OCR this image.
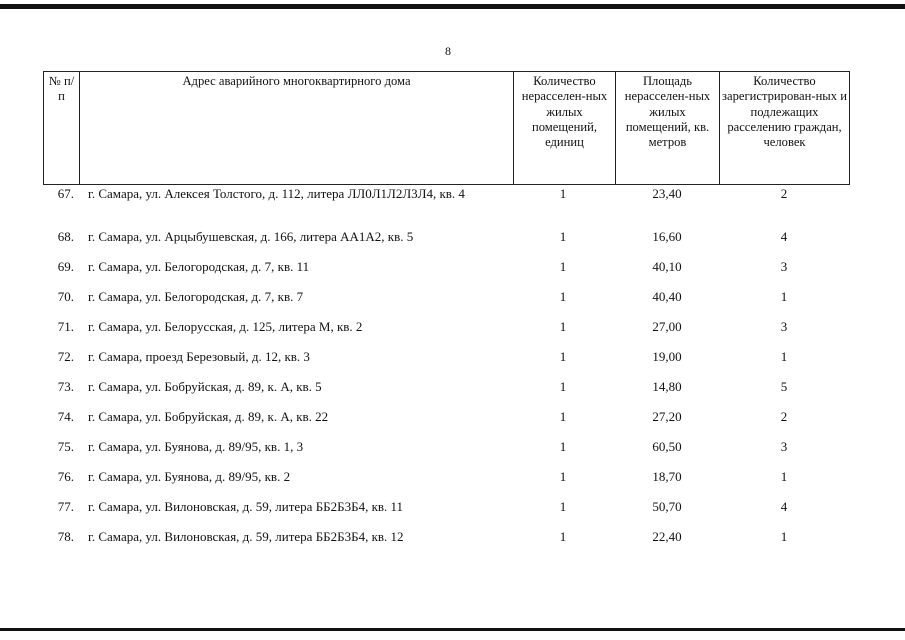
8
№ п/п	Адрес аварийного многоквартирного дома	Количество нерасселен-ных жилых помещений, единиц	Площадь нерасселен-ных жилых помещений, кв. метров	Количество зарегистрирован-ных и подлежащих расселению граждан, человек
67. г. Самара, ул. Алексея Толстого, д. 112, литера ЛЛ0Л1Л2Л3Л4, кв. 4	1	23,40	2
68. г. Самара, ул. Арцыбушевская, д. 166, литера АА1А2, кв. 5	1	16,60	4
69. г. Самара, ул. Белогородская, д. 7, кв. 11	1	40,10	3
70. г. Самара, ул. Белогородская, д. 7, кв. 7	1	40,40	1
71. г. Самара, ул. Белорусская, д. 125, литера М, кв. 2	1	27,00	3
72. г. Самара, проезд Березовый, д. 12, кв. 3	1	19,00	1
73. г. Самара, ул. Бобруйская, д. 89, к. А, кв. 5	1	14,80	5
74. г. Самара, ул. Бобруйская, д. 89, к. А, кв. 22	1	27,20	2
75. г. Самара, ул. Буянова, д. 89/95, кв. 1, 3	1	60,50	3
76. г. Самара, ул. Буянова, д. 89/95, кв. 2	1	18,70	1
77. г. Самара, ул. Вилоновская, д. 59, литера ББ2Б3Б4, кв. 11	1	50,70	4
78. г. Самара, ул. Вилоновская, д. 59, литера ББ2Б3Б4, кв. 12	1	22,40	1
